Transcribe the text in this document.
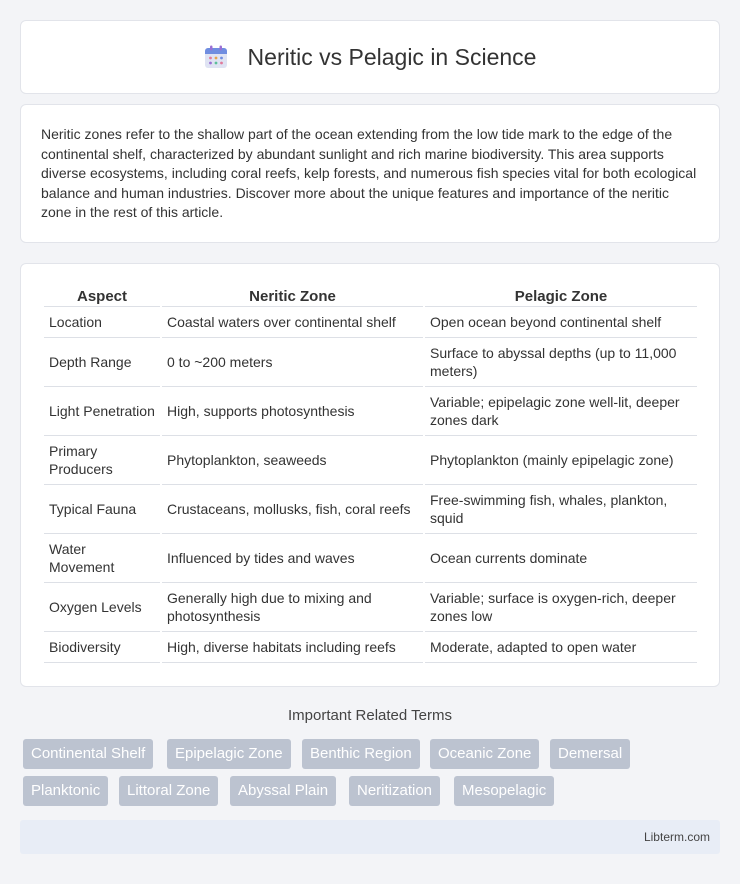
Neritic vs Pelagic in Science

Neritic zones refer to the shallow part of the ocean extending from the low tide mark to the edge of the continental shelf, characterized by abundant sunlight and rich marine biodiversity. This area supports diverse ecosystems, including coral reefs, kelp forests, and numerous fish species vital for both ecological balance and human industries. Discover more about the unique features and importance of the neritic zone in the rest of this article.

Aspect	Neritic Zone	Pelagic Zone
Location	Coastal waters over continental shelf	Open ocean beyond continental shelf
Depth Range	0 to ~200 meters	Surface to abyssal depths (up to 11,000 meters)
Light Penetration	High, supports photosynthesis	Variable; epipelagic zone well-lit, deeper zones dark
Primary Producers	Phytoplankton, seaweeds	Phytoplankton (mainly epipelagic zone)
Typical Fauna	Crustaceans, mollusks, fish, coral reefs	Free-swimming fish, whales, plankton, squid
Water Movement	Influenced by tides and waves	Ocean currents dominate
Oxygen Levels	Generally high due to mixing and photosynthesis	Variable; surface is oxygen-rich, deeper zones low
Biodiversity	High, diverse habitats including reefs	Moderate, adapted to open water
Important Related Terms
Continental Shelf	Epipelagic Zone	Benthic Region	Oceanic Zone	Demersal
Planktonic	Littoral Zone	Abyssal Plain	Neritization	Mesopelagic
Libterm.com
